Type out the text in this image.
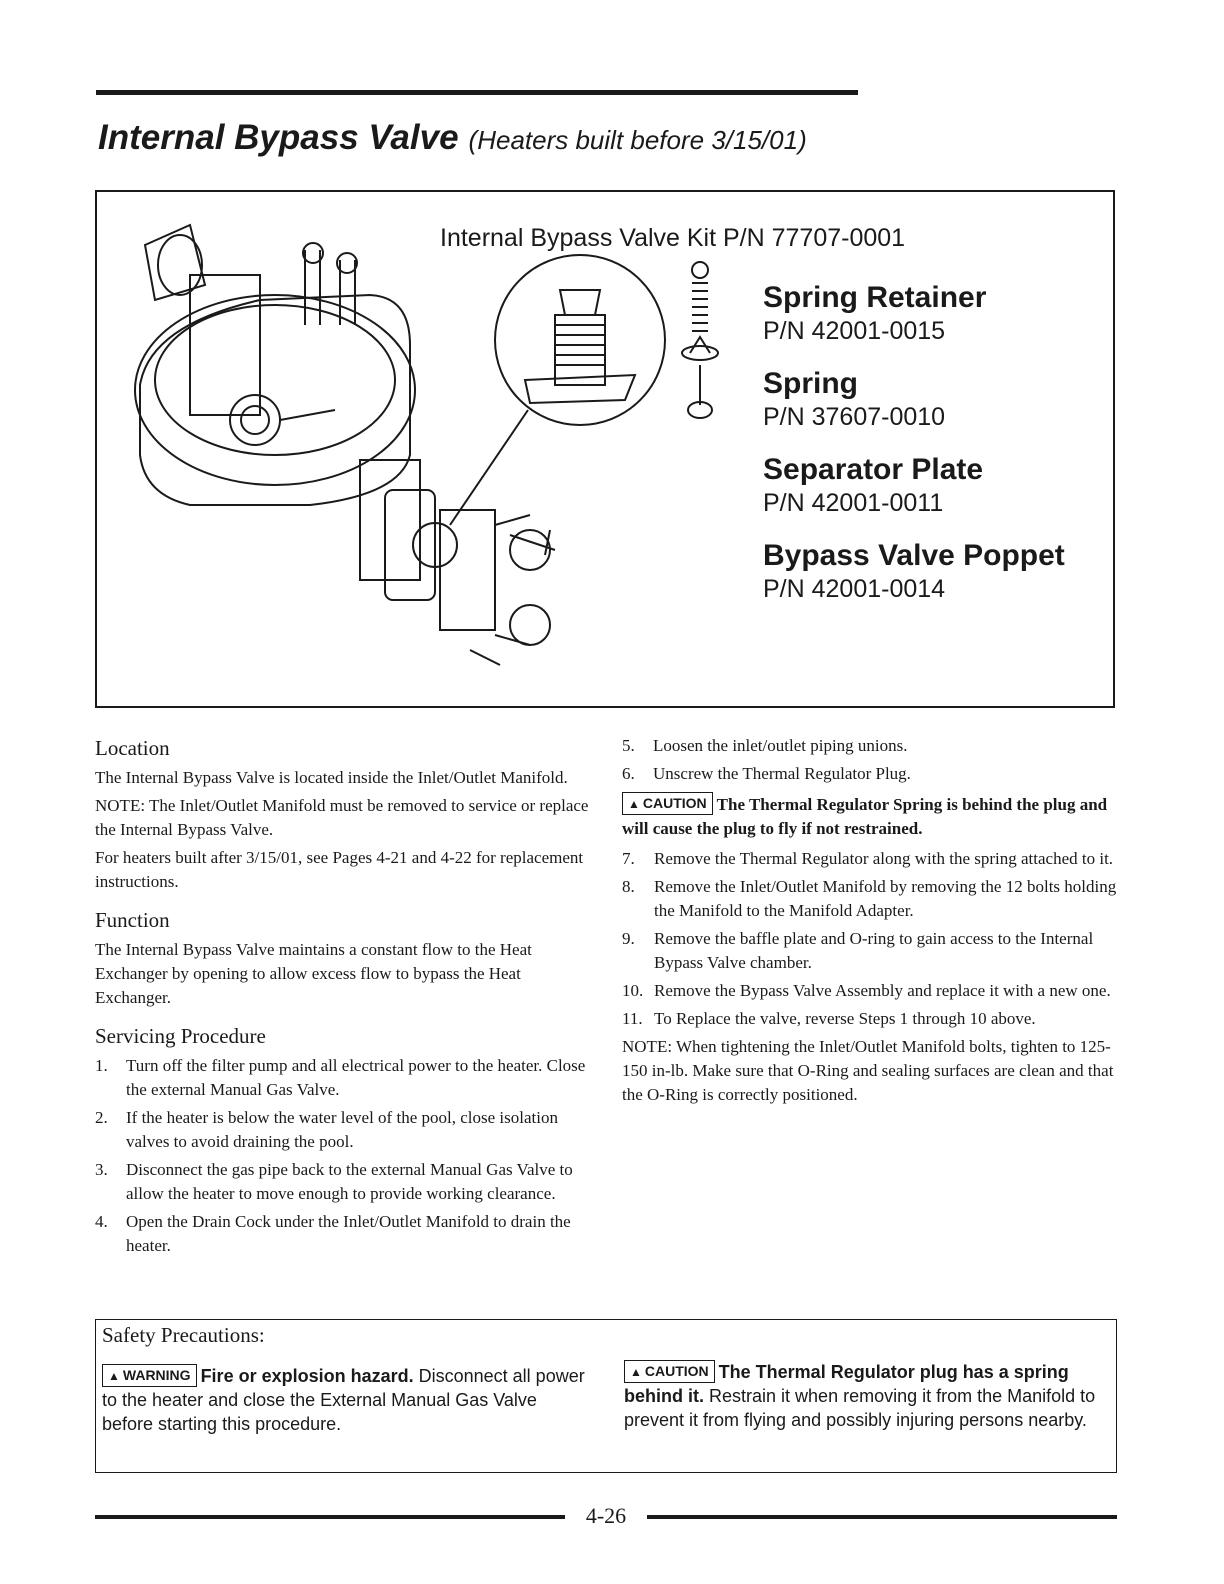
Internal Bypass Valve (Heaters built before 3/15/01)
Internal Bypass Valve Kit P/N 77707-0001
Spring Retainer
P/N 42001-0015
Spring
P/N 37607-0010
Separator Plate
P/N 42001-0011
Bypass Valve Poppet
P/N 42001-0014
Location

The Internal Bypass Valve is located inside the Inlet/Outlet Manifold.

NOTE: The Inlet/Outlet Manifold must be removed to service or replace the Internal Bypass Valve.

For heaters built after 3/15/01, see Pages 4-21 and 4-22 for replacement instructions.

Function

The Internal Bypass Valve maintains a constant flow to the Heat Exchanger by opening to allow excess flow to bypass the Heat Exchanger.

Servicing Procedure
1. Turn off the filter pump and all electrical power to the heater. Close the external Manual Gas Valve.
2. If the heater is below the water level of the pool, close isolation valves to avoid draining the pool.
3. Disconnect the gas pipe back to the external Manual Gas Valve to allow the heater to move enough to provide working clearance.
4. Open the Drain Cock under the Inlet/Outlet Manifold to drain the heater.
5. Loosen the inlet/outlet piping unions.
6. Unscrew the Thermal Regulator Plug.
▲ CAUTION The Thermal Regulator Spring is behind the plug and will cause the plug to fly if not restrained.
7. Remove the Thermal Regulator along with the spring attached to it.
8. Remove the Inlet/Outlet Manifold by removing the 12 bolts holding the Manifold to the Manifold Adapter.
9. Remove the baffle plate and O-ring to gain access to the Internal Bypass Valve chamber.
10. Remove the Bypass Valve Assembly and replace it with a new one.
11. To Replace the valve, reverse Steps 1 through 10 above.

NOTE: When tightening the Inlet/Outlet Manifold bolts, tighten to 125-150 in-lb. Make sure that O-Ring and sealing surfaces are clean and that the O-Ring is correctly positioned.

Safety Precautions:
▲ WARNING Fire or explosion hazard. Disconnect all power to the heater and close the External Manual Gas Valve before starting this procedure.
▲ CAUTION The Thermal Regulator plug has a spring behind it. Restrain it when removing it from the Manifold to prevent it from flying and possibly injuring persons nearby.
4-26
